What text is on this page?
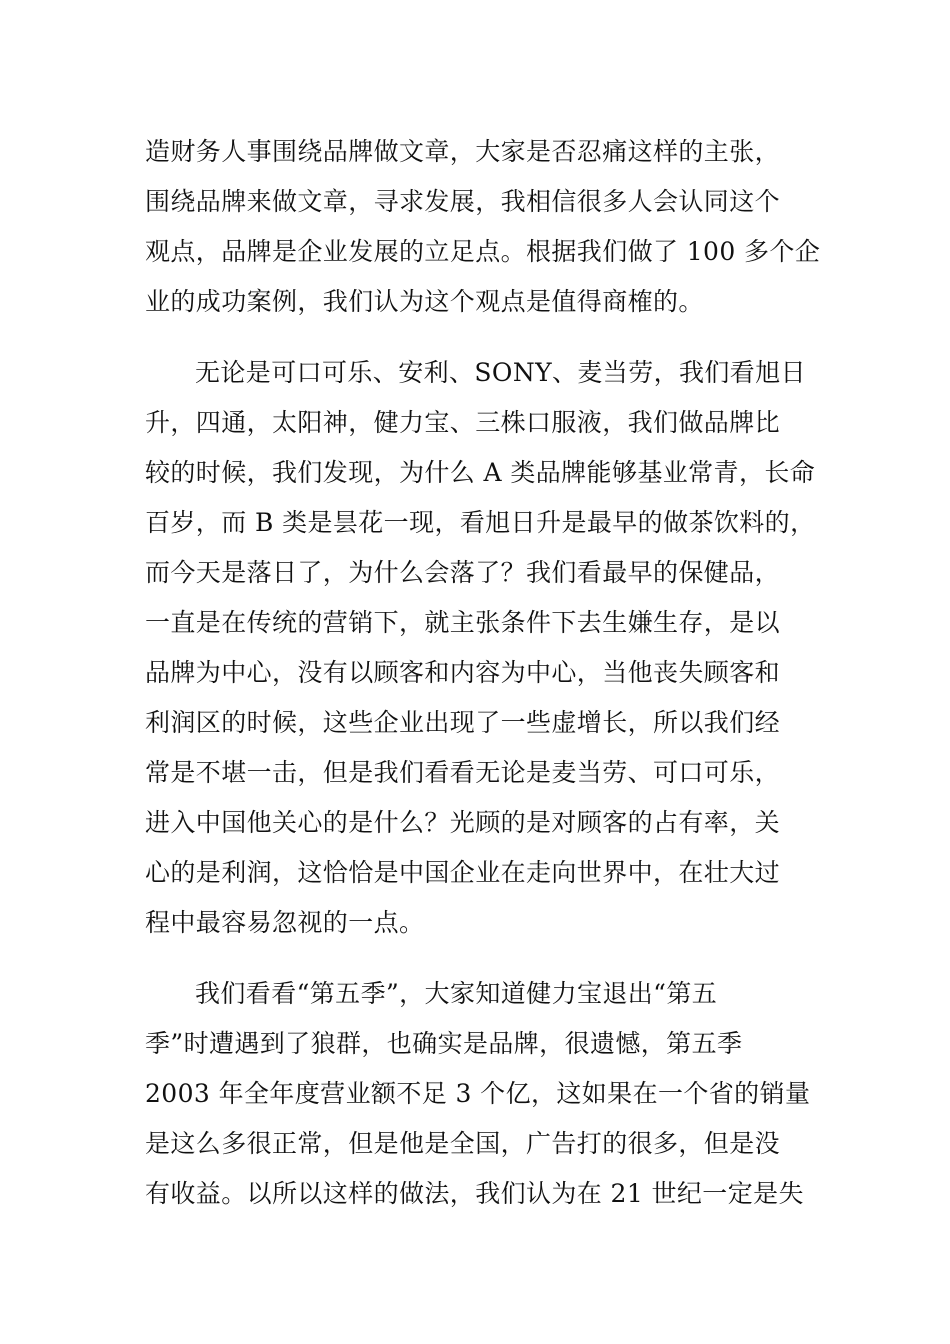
造财务人事围绕品牌做文章，大家是否忍痛这样的主张，
围绕品牌来做文章，寻求发展，我相信很多人会认同这个
观点，品牌是企业发展的立足点。根据我们做了 100 多个企
业的成功案例，我们认为这个观点是值得商榷的。
无论是可口可乐、安利、SONY、麦当劳，我们看旭日
升，四通，太阳神，健力宝、三株口服液，我们做品牌比
较的时候，我们发现，为什么 A 类品牌能够基业常青，长命
百岁，而 B 类是昙花一现，看旭日升是最早的做茶饮料的，
而今天是落日了，为什么会落了？我们看最早的保健品，
一直是在传统的营销下，就主张条件下去生嫌生存，是以
品牌为中心，没有以顾客和内容为中心，当他丧失顾客和
利润区的时候，这些企业出现了一些虚增长，所以我们经
常是不堪一击，但是我们看看无论是麦当劳、可口可乐，
进入中国他关心的是什么？光顾的是对顾客的占有率，关
心的是利润，这恰恰是中国企业在走向世界中，在壮大过
程中最容易忽视的一点。
我们看看“第五季”，大家知道健力宝退出“第五
季”时遭遇到了狼群，也确实是品牌，很遗憾，第五季
2003 年全年度营业额不足 3 个亿，这如果在一个省的销量
是这么多很正常，但是他是全国，广告打的很多，但是没
有收益。以所以这样的做法，我们认为在 21 世纪一定是失
